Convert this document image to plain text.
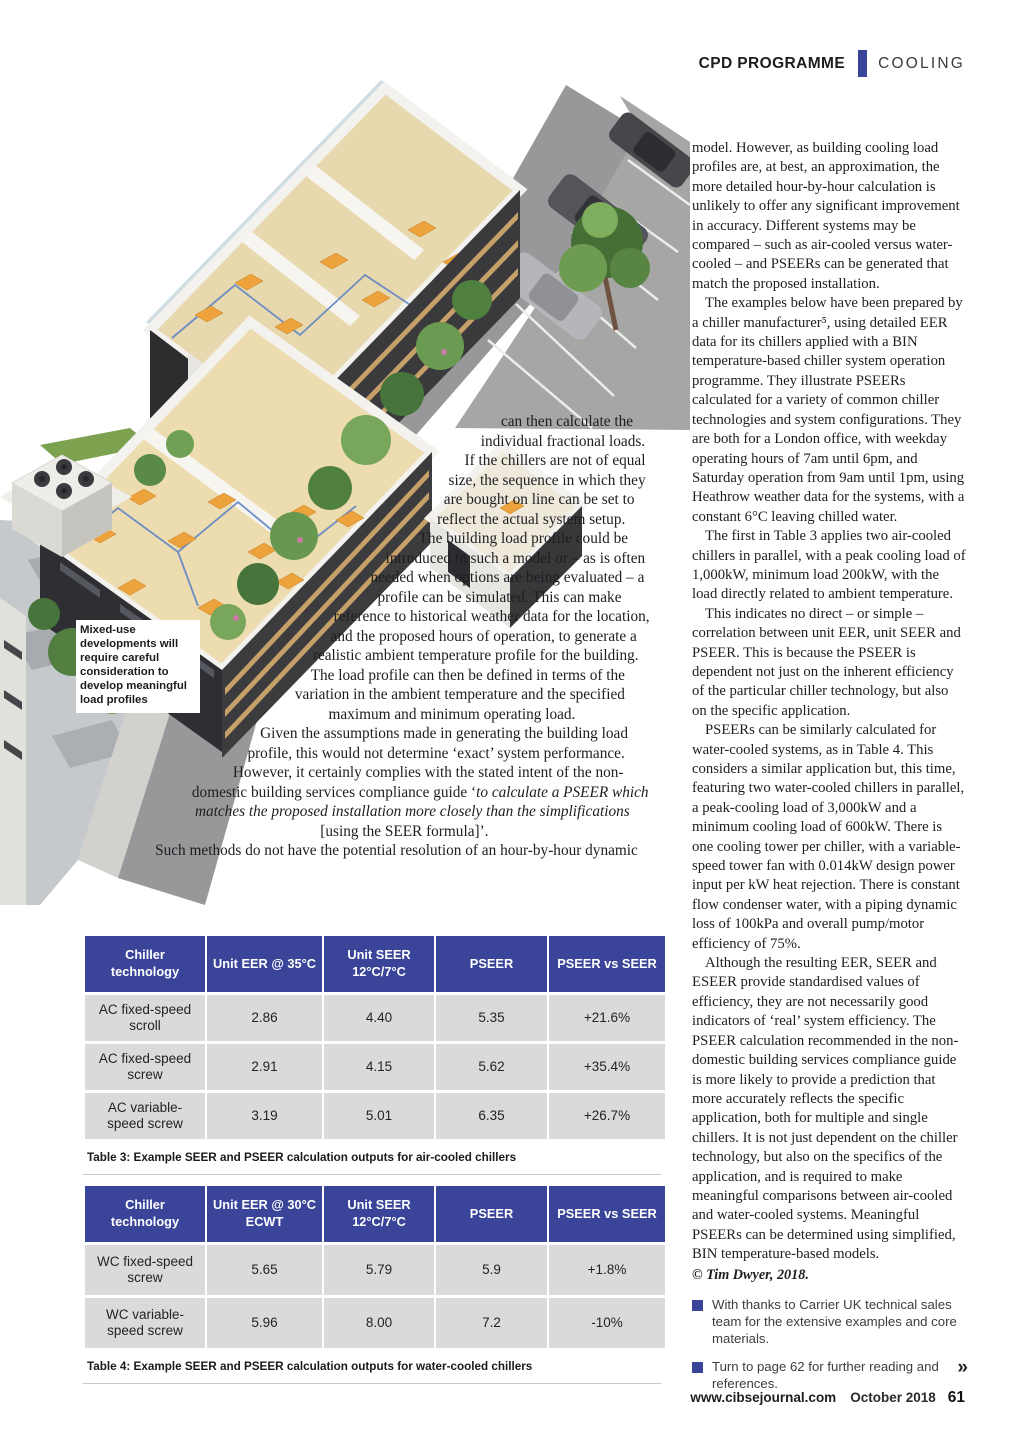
CPD PROGRAMME COOLING
Mixed-use developments will require careful consideration to develop meaningful load profiles

can then calculate the individual fractional loads.

If the chillers are not of equal size, the sequence in which they are bought on line can be set to reflect the actual system setup.

The building load profile could be introduced to such a model or – as is often needed when options are being evaluated – a profile can be simulated. This can make reference to historical weather data for the location, and the proposed hours of operation, to generate a realistic ambient temperature profile for the building. The load profile can then be defined in terms of the variation in the ambient temperature and the specified maximum and minimum operating load.

Given the assumptions made in generating the building load profile, this would not determine ‘exact’ system performance. However, it certainly complies with the stated intent of the non-domestic building services compliance guide ‘to calculate a PSEER which matches the proposed installation more closely than the simplifications [using the SEER formula]’.

Such methods do not have the potential resolution of an hour-by-hour dynamic

Chiller technology	Unit EER @ 35°C	Unit SEER 12°C/7°C	PSEER	PSEER vs SEER
AC fixed-speed scroll	2.86	4.40	5.35	+21.6%
AC fixed-speed screw	2.91	4.15	5.62	+35.4%
AC variable-speed screw	3.19	5.01	6.35	+26.7%
Table 3: Example SEER and PSEER calculation outputs for air-cooled chillers
Chiller technology	Unit EER @ 30°C ECWT	Unit SEER 12°C/7°C	PSEER	PSEER vs SEER
WC fixed-speed screw	5.65	5.79	5.9	+1.8%
WC variable-speed screw	5.96	8.00	7.2	-10%
Table 4: Example SEER and PSEER calculation outputs for water-cooled chillers

model. However, as building cooling load profiles are, at best, an approximation, the more detailed hour-by-hour calculation is unlikely to offer any significant improvement in accuracy. Different systems may be compared – such as air-cooled versus water-cooled – and PSEERs can be generated that match the proposed installation.

The examples below have been prepared by a chiller manufacturer⁵, using detailed EER data for its chillers applied with a BIN temperature-based chiller system operation programme. They illustrate PSEERs calculated for a variety of common chiller technologies and system configurations. They are both for a London office, with weekday operating hours of 7am until 6pm, and Saturday operation from 9am until 1pm, using Heathrow weather data for the systems, with a constant 6°C leaving chilled water.

The first in Table 3 applies two air-cooled chillers in parallel, with a peak cooling load of 1,000kW, minimum load 200kW, with the load directly related to ambient temperature.

This indicates no direct – or simple – correlation between unit EER, unit SEER and PSEER. This is because the PSEER is dependent not just on the inherent efficiency of the particular chiller technology, but also on the specific application.

PSEERs can be similarly calculated for water-cooled systems, as in Table 4. This considers a similar application but, this time, featuring two water-cooled chillers in parallel, a peak-cooling load of 3,000kW and a minimum cooling load of 600kW. There is one cooling tower per chiller, with a variable-speed tower fan with 0.014kW design power input per kW heat rejection. There is constant flow condenser water, with a piping dynamic loss of 100kPa and overall pump/motor efficiency of 75%.

Although the resulting EER, SEER and ESEER provide standardised values of efficiency, they are not necessarily good indicators of ‘real’ system efficiency. The PSEER calculation recommended in the non-domestic building services compliance guide is more likely to provide a prediction that more accurately reflects the specific application, both for multiple and single chillers. It is not just dependent on the chiller technology, but also on the specifics of the application, and is required to make meaningful comparisons between air-cooled and water-cooled systems. Meaningful PSEERs can be determined using simplified, BIN temperature-based models.

© Tim Dwyer, 2018.

With thanks to Carrier UK technical sales team for the extensive examples and core materials.
Turn to page 62 for further reading and references.
»
www.cibsejournal.com October 2018 61
